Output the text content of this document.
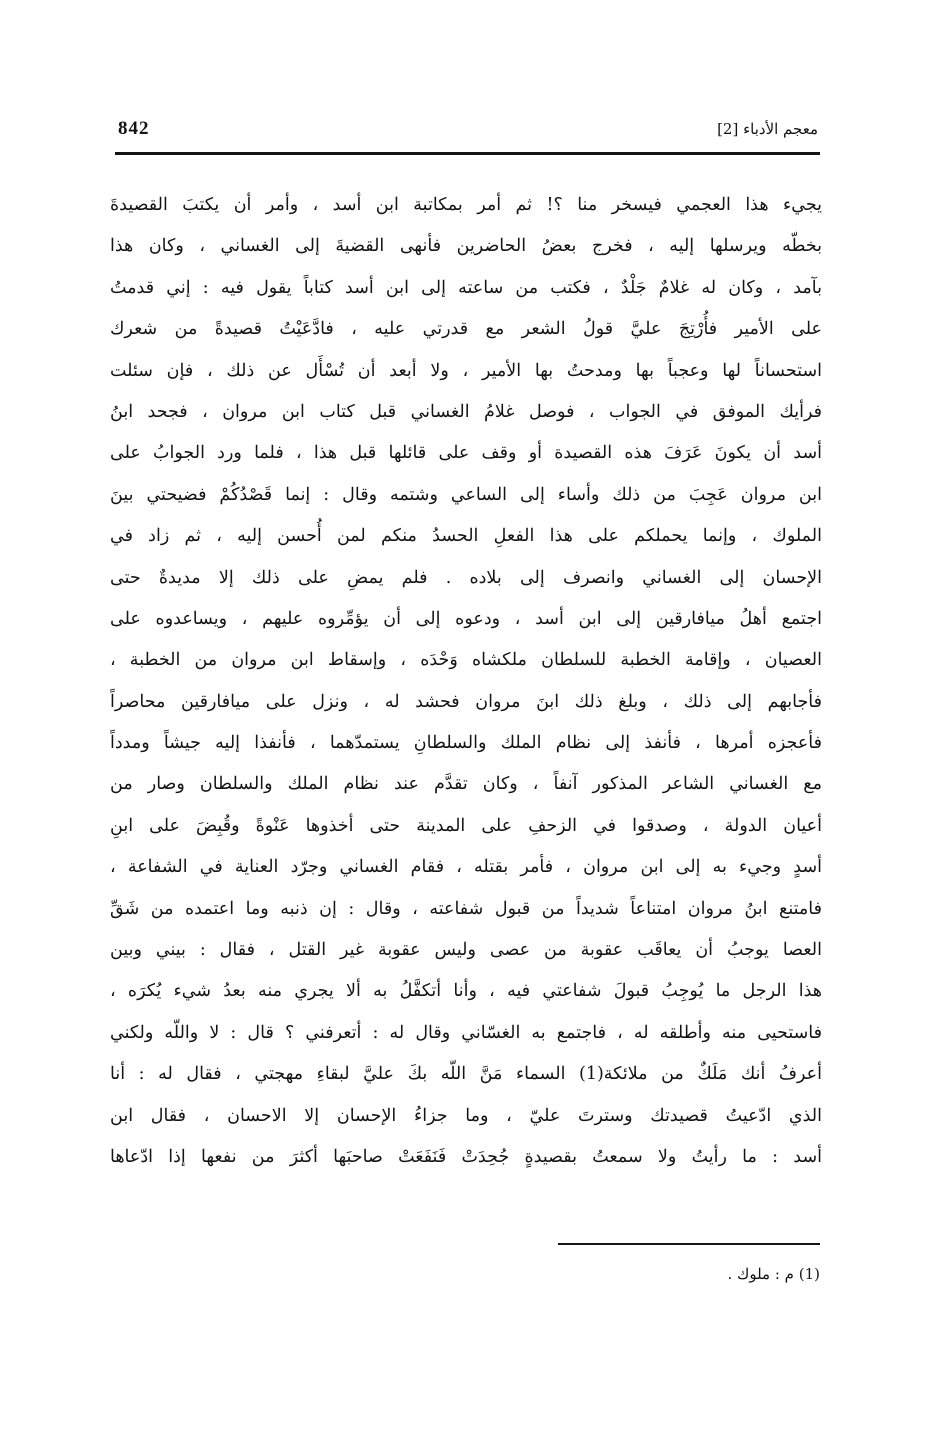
842	معجم الأدباء [2]
يجيء هذا العجمي فيسخر منا ؟! ثم أمر بمكاتبة ابن أسد ، وأمر أن يكتبَ القصيدةَ
بخطّه ويرسلها إليه ، فخرج بعضُ الحاضرين فأنهى القضيةَ إلى الغساني ، وكان هذا
بآمد ، وكان له غلامٌ جَلْدٌ ، فكتب من ساعته إلى ابن أسد كتاباً يقول فيه : إني قدمتُ
على الأمير فأُرْتِجَ عليَّ قولُ الشعر مع قدرتي عليه ، فادَّعَيْتُ قصيدةً من شعرك
استحساناً لها وعجباً بها ومدحتُ بها الأمير ، ولا أبعد أن تُسْأَل عن ذلك ، فإن سئلت
فرأيك الموفق في الجواب ، فوصل غلامُ الغساني قبل كتاب ابن مروان ، فجحد ابنُ
أسد أن يكونَ عَرَفَ هذه القصيدة أو وقف على قائلها قبل هذا ، فلما ورد الجوابُ على
ابن مروان عَجِبَ من ذلك وأساء إلى الساعي وشتمه وقال : إنما قَصْدُكُمْ فضيحتي بينَ
الملوك ، وإنما يحملكم على هذا الفعلِ الحسدُ منكم لمن أُحسن إليه ، ثم زاد في
الإحسان إلى الغساني وانصرف إلى بلاده . فلم يمضِ على ذلك إلا مديدةٌ حتى
اجتمع أهلُ ميافارقين إلى ابن أسد ، ودعوه إلى أن يؤمِّروه عليهم ، ويساعدوه على
العصيان ، وإقامة الخطبة للسلطان ملكشاه وَحْدَه ، وإسقاط ابن مروان من الخطبة ،
فأجابهم إلى ذلك ، وبلغ ذلك ابنَ مروان فحشد له ، ونزل على ميافارقين محاصراً
فأعجزه أمرها ، فأنفذ إلى نظام الملك والسلطانِ يستمدّهما ، فأنفذا إليه جيشاً ومدداً
مع الغساني الشاعر المذكور آنفاً ، وكان تقدَّم عند نظام الملك والسلطان وصار من
أعيان الدولة ، وصدقوا في الزحفِ على المدينة حتى أخذوها عَنْوةً وقُبِضَ على ابنِ
أسدٍ وجيء به إلى ابن مروان ، فأمر بقتله ، فقام الغساني وجرّد العناية في الشفاعة ،
فامتنع ابنُ مروان امتناعاً شديداً من قبول شفاعته ، وقال : إن ذنبه وما اعتمده من شَقِّ
العصا يوجبُ أن يعاقَب عقوبة من عصى وليس عقوبة غير القتل ، فقال : بيني وبين
هذا الرجل ما يُوجِبُ قبولَ شفاعتي فيه ، وأنا أتكفَّلُ به ألا يجري منه بعدُ شيء يُكرَه ،
فاستحيى منه وأطلقه له ، فاجتمع به الغسّاني وقال له : أتعرفني ؟ قال : لا واللّه ولكني
أعرفُ أنك مَلَكٌ من ملائكة(1) السماء مَنَّ اللّه بكَ عليَّ لبقاءِ مهجتي ، فقال له : أنا
الذي ادّعيتُ قصيدتك وسترتَ عليّ ، وما جزاءُ الإحسان إلا الاحسان ، فقال ابن
أسد : ما رأيتُ ولا سمعتُ بقصيدةٍ جُحِدَتْ فَنَفَعَتْ صاحبَها أكثرَ من نفعها إذا ادّعاها
(1) م : ملوك .
